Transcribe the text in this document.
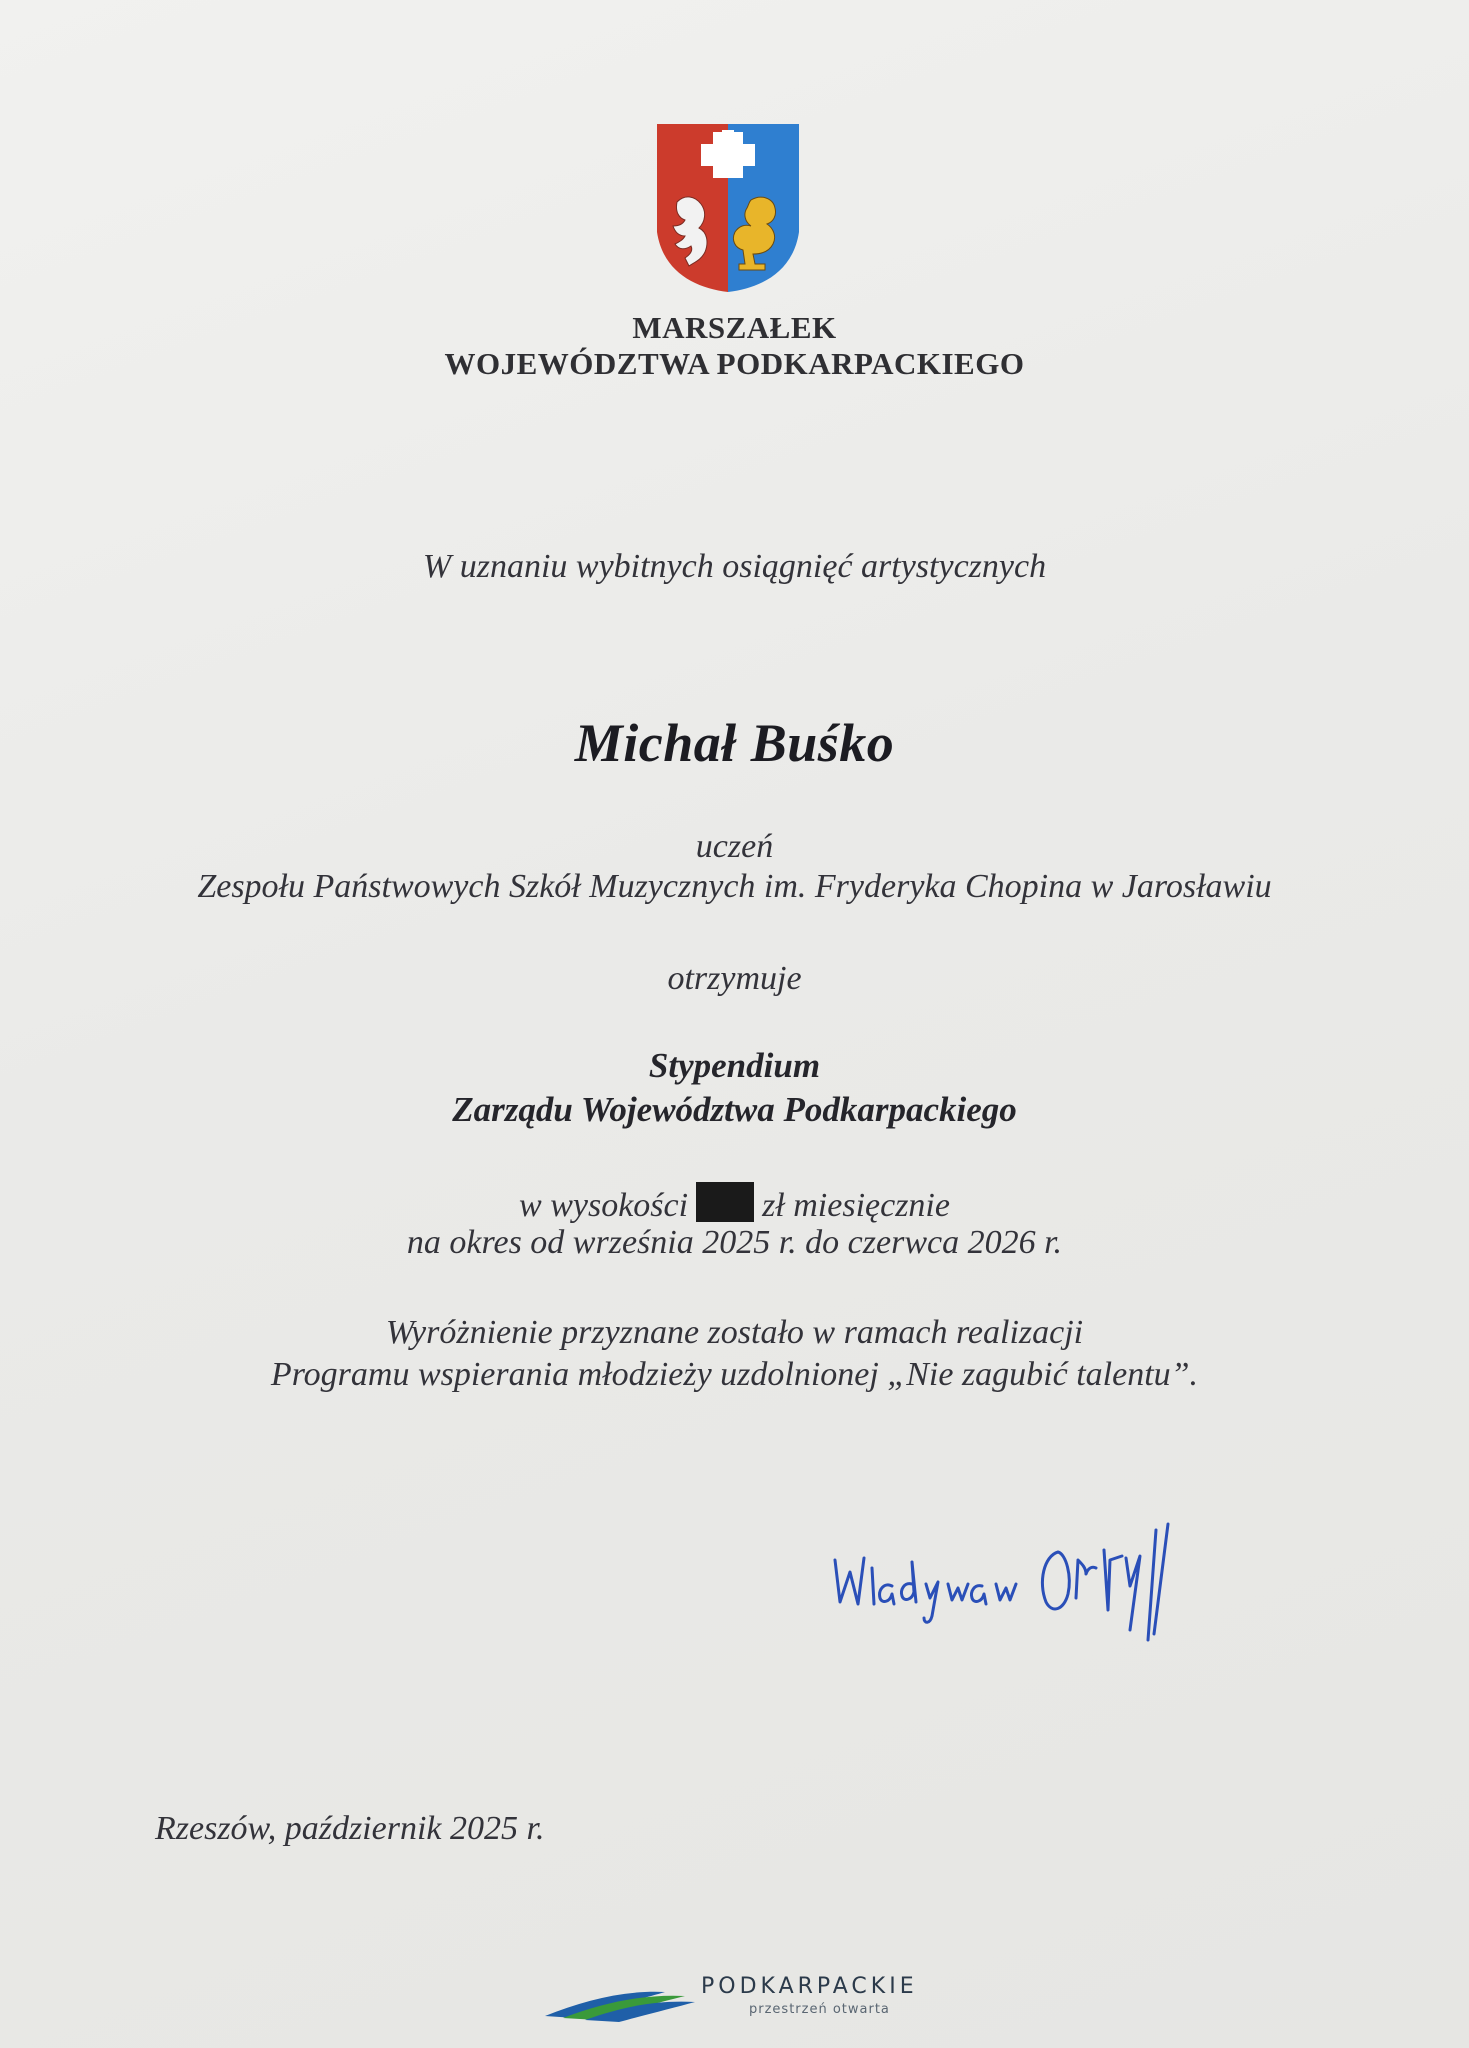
MARSZAŁEK
WOJEWÓDZTWA PODKARPACKIEGO
W uznaniu wybitnych osiągnięć artystycznych
Michał Buśko
uczeń
Zespołu Państwowych Szkół Muzycznych im. Fryderyka Chopina w Jarosławiu
otrzymuje
Stypendium
Zarządu Województwa Podkarpackiego
w wysokości zł miesięcznie
na okres od września 2025 r. do czerwca 2026 r.
Wyróżnienie przyznane zostało w ramach realizacji
Programu wspierania młodzieży uzdolnionej „Nie zagubić talentu”.
Rzeszów, październik 2025 r.
PODKARPACKIE
przestrzeń otwarta
